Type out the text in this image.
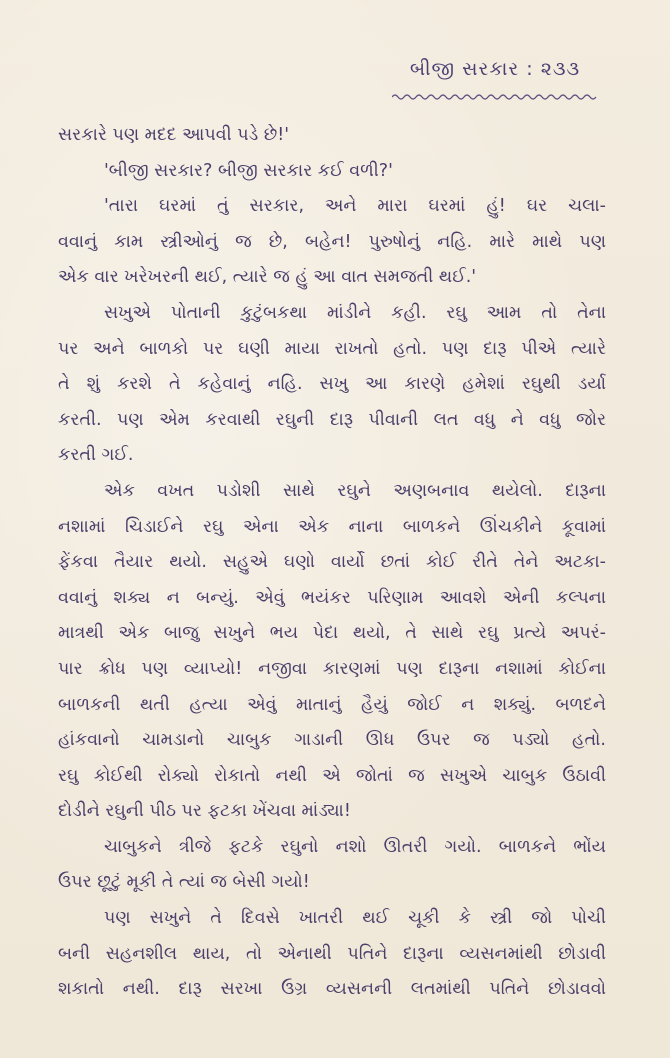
બીજી સરકાર : ૨૩૩
સરકારે પણ મદદ આપવી પડે છે!'
'બીજી સરકાર? બીજી સરકાર કઈ વળી?'
'તારા ઘરમાં તું સરકાર, અને મારા ઘરમાં હું! ઘર ચલા-
વવાનું કામ સ્ત્રીઓનું જ છે, બહેન! પુરુષોનું નહિ. મારે માથે પણ
એક વાર ખરેખરની થઈ, ત્યારે જ હું આ વાત સમજતી થઈ.'
સખુએ પોતાની કુટુંબકથા માંડીને કહી. રઘુ આમ તો તેના
પર અને બાળકો પર ઘણી માયા રાખતો હતો. પણ દારૂ પીએ ત્યારે
તે શું કરશે તે કહેવાનું નહિ. સખુ આ કારણે હમેશાં રઘુથી ડર્યા
કરતી. પણ એમ કરવાથી રઘુની દારૂ પીવાની લત વધુ ને વધુ જોર
કરતી ગઈ.
એક વખત પડોશી સાથે રઘુને અણબનાવ થયેલો. દારૂના
નશામાં ચિડાઈને રઘુ એના એક નાના બાળકને ઊંચકીને કૂવામાં
ફેંકવા તૈયાર થયો. સહુએ ઘણો વાર્યો છતાં કોઈ રીતે તેને અટકા-
વવાનું શક્ય ન બન્યું. એવું ભયંકર પરિણામ આવશે એની કલ્પના
માત્રથી એક બાજુ સખુને ભય પેદા થયો, તે સાથે રઘુ પ્રત્યે અપરં-
પાર ક્રોધ પણ વ્યાપ્યો! નજીવા કારણમાં પણ દારૂના નશામાં કોઈના
બાળકની થતી હત્યા એવું માતાનું હૈયું જોઈ ન શક્યું. બળદને
હાંકવાનો ચામડાનો ચાબુક ગાડાની ઊધ ઉપર જ પડ્યો હતો.
રઘુ કોઈથી રોક્યો રોકાતો નથી એ જોતાં જ સખુએ ચાબુક ઉઠાવી
દોડીને રઘુની પીઠ પર ફટકા ખેંચવા માંડ્યા!
ચાબુકને ત્રીજે ફટકે રઘુનો નશો ઊતરી ગયો. બાળકને ભોંય
ઉપર છૂટું મૂકી તે ત્યાં જ બેસી ગયો!
પણ સખુને તે દિવસે ખાતરી થઈ ચૂકી કે સ્ત્રી જો પોચી
બની સહનશીલ થાય, તો એનાથી પતિને દારૂના વ્યસનમાંથી છોડાવી
શકાતો નથી. દારૂ સરખા ઉગ્ર વ્યસનની લતમાંથી પતિને છોડાવવો
